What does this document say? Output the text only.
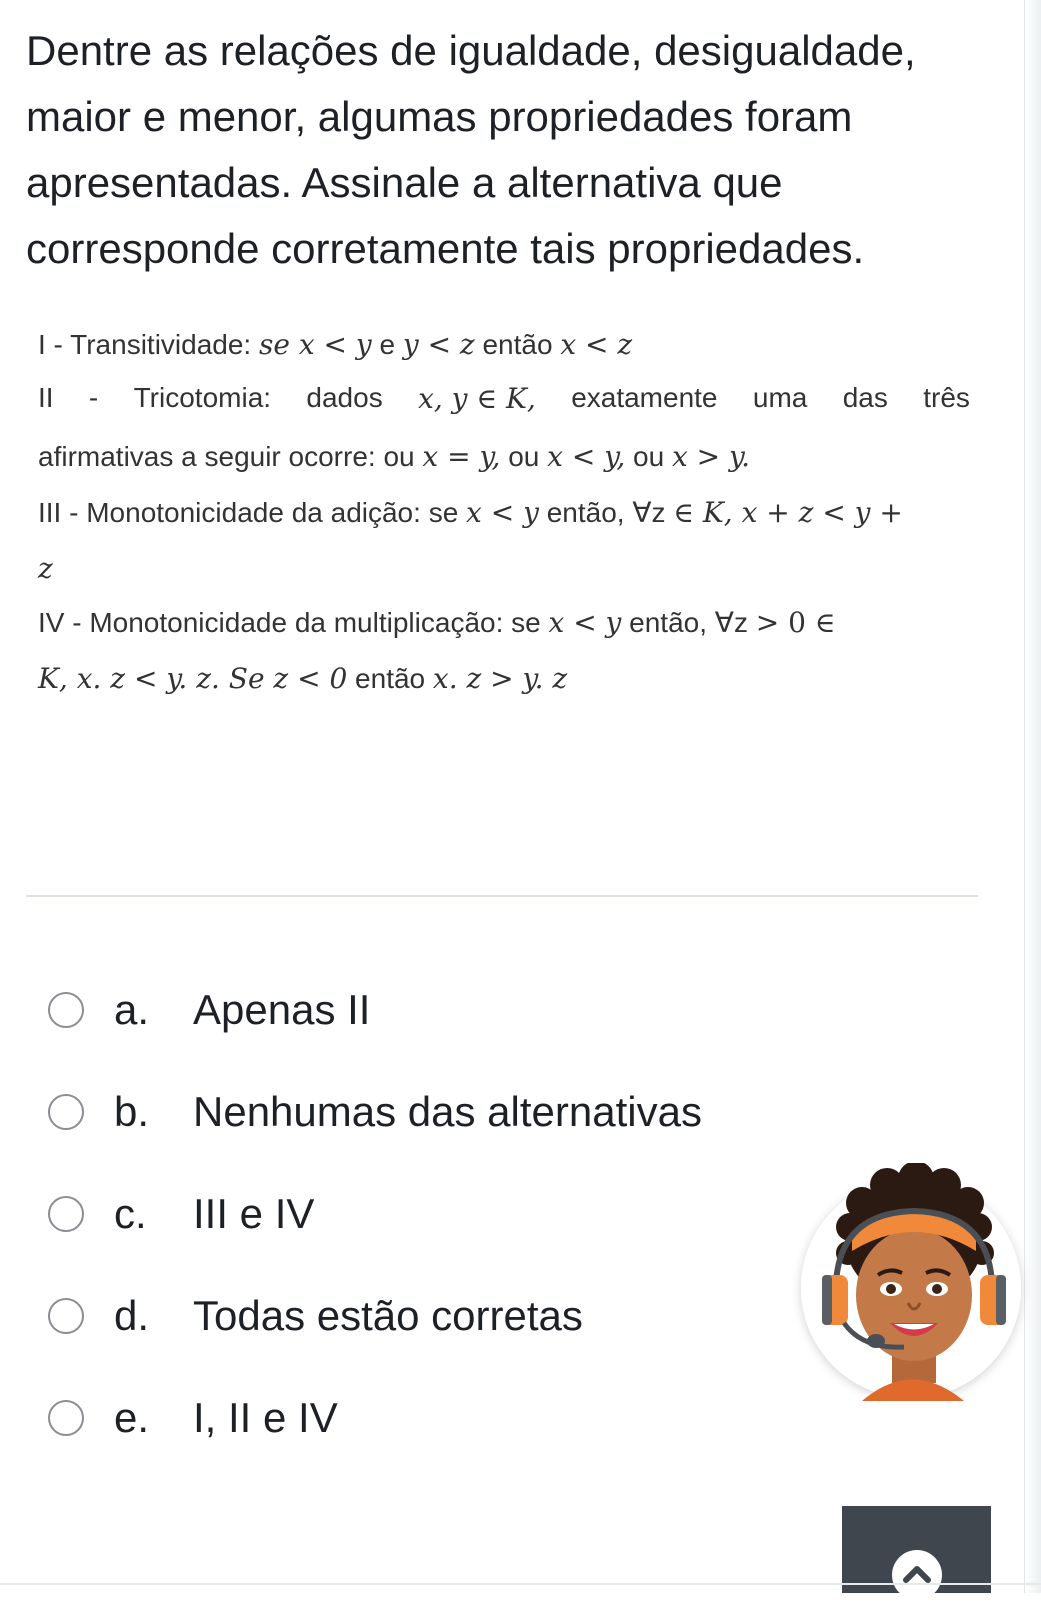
Dentre as relações de igualdade, desigualdade, maior e menor, algumas propriedades foram apresentadas. Assinale a alternativa que corresponde corretamente tais propriedades.

I - Transitividade: se x < y e y < z então x < z
II - Tricotomia: dados x, y ∈ K, exatamente uma das três
afirmativas a seguir ocorre: ou x = y, ou x < y, ou x > y.
III - Monotonicidade da adição: se x < y então, ∀z ∈ K, x + z < y +
z
IV - Monotonicidade da multiplicação: se x < y então, ∀z > 0 ∈
K, x. z < y. z. Se z < 0 então x. z > y. z
a. Apenas II
b. Nenhumas das alternativas
c. III e IV
d. Todas estão corretas
e. I, II e IV
